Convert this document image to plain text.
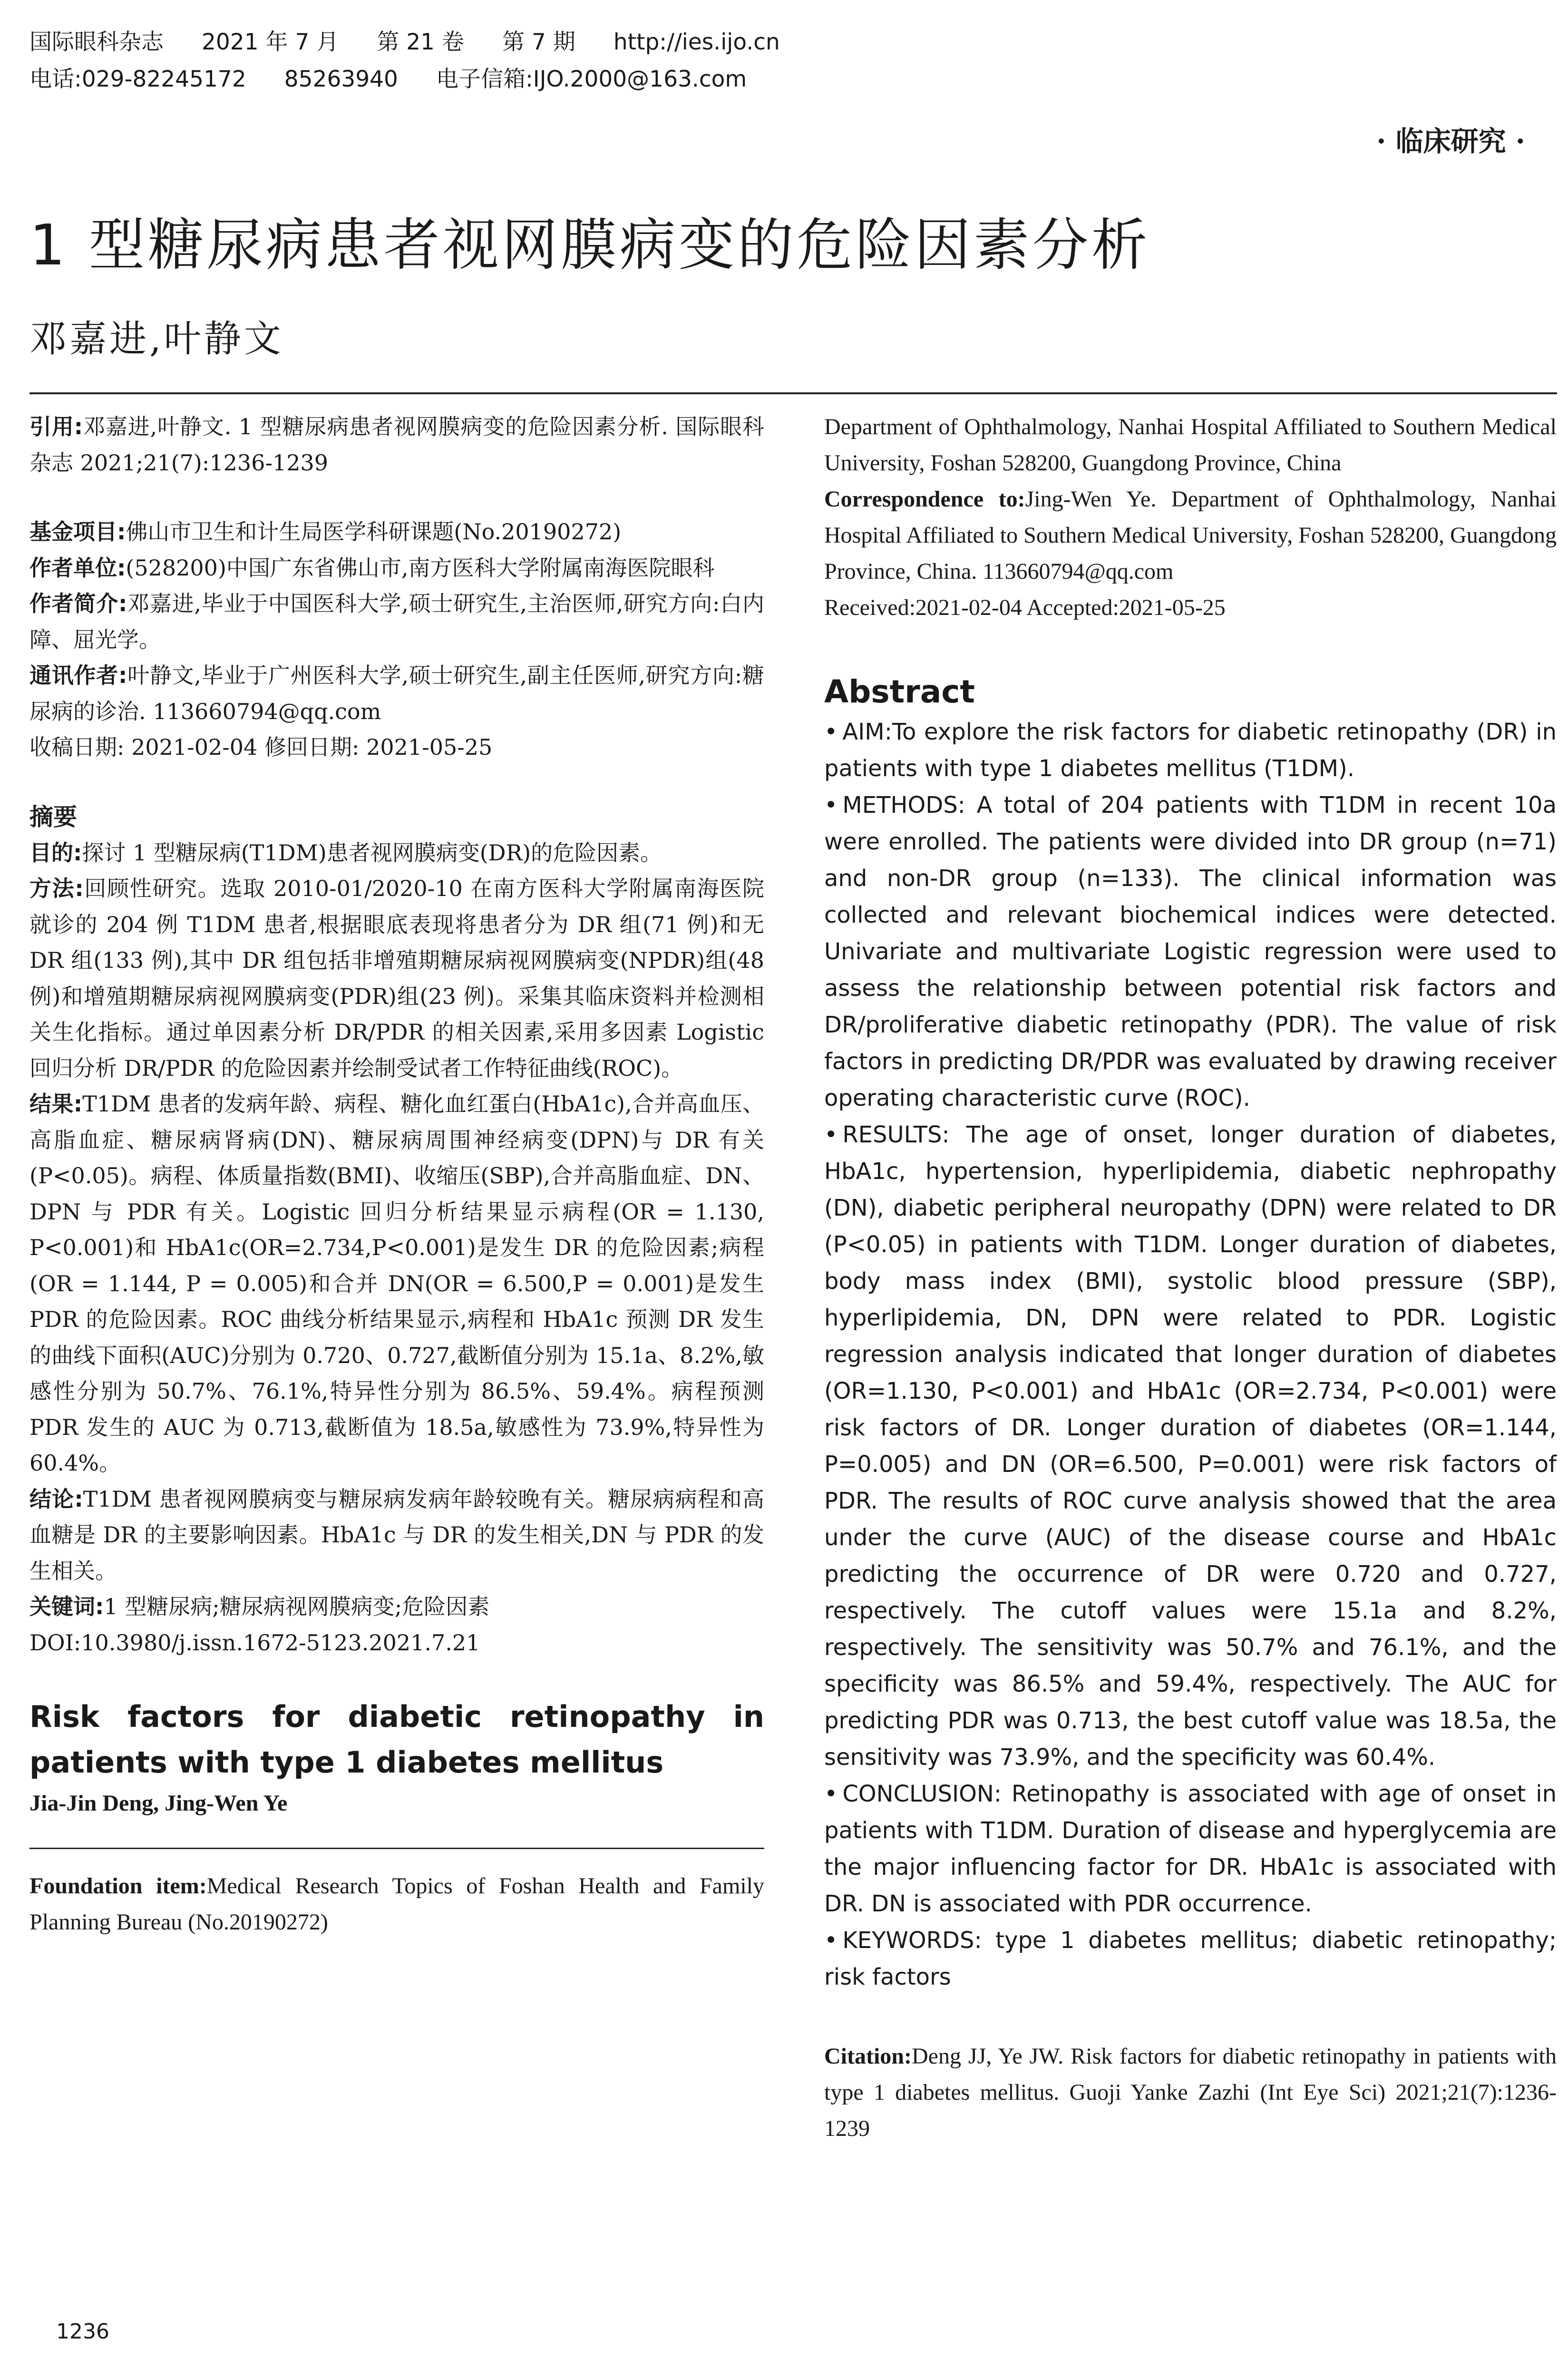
国际眼科杂志 2021 年 7 月 第 21 卷 第 7 期 http://ies.ijo.cn
电话:029-82245172 85263940 电子信箱:IJO.2000@163.com
· 临床研究 ·
1 型糖尿病患者视网膜病变的危险因素分析
邓嘉进,叶静文

引用:邓嘉进,叶静文. 1 型糖尿病患者视网膜病变的危险因素分析. 国际眼科杂志 2021;21(7):1236-1239

基金项目:佛山市卫生和计生局医学科研课题(No.20190272)

作者单位:(528200)中国广东省佛山市,南方医科大学附属南海医院眼科

作者简介:邓嘉进,毕业于中国医科大学,硕士研究生,主治医师,研究方向:白内障、屈光学。

通讯作者:叶静文,毕业于广州医科大学,硕士研究生,副主任医师,研究方向:糖尿病的诊治. 113660794@qq.com

收稿日期: 2021-02-04 修回日期: 2021-05-25

摘要

目的:探讨 1 型糖尿病(T1DM)患者视网膜病变(DR)的危险因素。

方法:回顾性研究。选取 2010-01/2020-10 在南方医科大学附属南海医院就诊的 204 例 T1DM 患者,根据眼底表现将患者分为 DR 组(71 例)和无 DR 组(133 例),其中 DR 组包括非增殖期糖尿病视网膜病变(NPDR)组(48 例)和增殖期糖尿病视网膜病变(PDR)组(23 例)。采集其临床资料并检测相关生化指标。通过单因素分析 DR/PDR 的相关因素,采用多因素 Logistic 回归分析 DR/PDR 的危险因素并绘制受试者工作特征曲线(ROC)。

结果:T1DM 患者的发病年龄、病程、糖化血红蛋白(HbA1c),合并高血压、高脂血症、糖尿病肾病(DN)、糖尿病周围神经病变(DPN)与 DR 有关(P<0.05)。病程、体质量指数(BMI)、收缩压(SBP),合并高脂血症、DN、DPN 与 PDR 有关。Logistic 回归分析结果显示病程(OR = 1.130, P<0.001)和 HbA1c(OR=2.734,P<0.001)是发生 DR 的危险因素;病程(OR = 1.144, P = 0.005)和合并 DN(OR = 6.500,P = 0.001)是发生 PDR 的危险因素。ROC 曲线分析结果显示,病程和 HbA1c 预测 DR 发生的曲线下面积(AUC)分别为 0.720、0.727,截断值分别为 15.1a、8.2%,敏感性分别为 50.7%、76.1%,特异性分别为 86.5%、59.4%。病程预测 PDR 发生的 AUC 为 0.713,截断值为 18.5a,敏感性为 73.9%,特异性为 60.4%。

结论:T1DM 患者视网膜病变与糖尿病发病年龄较晚有关。糖尿病病程和高血糖是 DR 的主要影响因素。HbA1c 与 DR 的发生相关,DN 与 PDR 的发生相关。

关键词:1 型糖尿病;糖尿病视网膜病变;危险因素

DOI:10.3980/j.issn.1672-5123.2021.7.21

Risk factors for diabetic retinopathy in patients with type 1 diabetes mellitus

Jia-Jin Deng, Jing-Wen Ye

Foundation item:Medical Research Topics of Foshan Health and Family Planning Bureau (No.20190272)

Department of Ophthalmology, Nanhai Hospital Affiliated to Southern Medical University, Foshan 528200, Guangdong Province, China

Correspondence to:Jing-Wen Ye. Department of Ophthalmology, Nanhai Hospital Affiliated to Southern Medical University, Foshan 528200, Guangdong Province, China. 113660794@qq.com

Received:2021-02-04 Accepted:2021-05-25

Abstract

• AIM:To explore the risk factors for diabetic retinopathy (DR) in patients with type 1 diabetes mellitus (T1DM).

• METHODS: A total of 204 patients with T1DM in recent 10a were enrolled. The patients were divided into DR group (n=71) and non-DR group (n=133). The clinical information was collected and relevant biochemical indices were detected. Univariate and multivariate Logistic regression were used to assess the relationship between potential risk factors and DR/proliferative diabetic retinopathy (PDR). The value of risk factors in predicting DR/PDR was evaluated by drawing receiver operating characteristic curve (ROC).

• RESULTS: The age of onset, longer duration of diabetes, HbA1c, hypertension, hyperlipidemia, diabetic nephropathy (DN), diabetic peripheral neuropathy (DPN) were related to DR (P<0.05) in patients with T1DM. Longer duration of diabetes, body mass index (BMI), systolic blood pressure (SBP), hyperlipidemia, DN, DPN were related to PDR. Logistic regression analysis indicated that longer duration of diabetes (OR=1.130, P<0.001) and HbA1c (OR=2.734, P<0.001) were risk factors of DR. Longer duration of diabetes (OR=1.144, P=0.005) and DN (OR=6.500, P=0.001) were risk factors of PDR. The results of ROC curve analysis showed that the area under the curve (AUC) of the disease course and HbA1c predicting the occurrence of DR were 0.720 and 0.727, respectively. The cutoff values were 15.1a and 8.2%, respectively. The sensitivity was 50.7% and 76.1%, and the specificity was 86.5% and 59.4%, respectively. The AUC for predicting PDR was 0.713, the best cutoff value was 18.5a, the sensitivity was 73.9%, and the specificity was 60.4%.

• CONCLUSION: Retinopathy is associated with age of onset in patients with T1DM. Duration of disease and hyperglycemia are the major influencing factor for DR. HbA1c is associated with DR. DN is associated with PDR occurrence.

• KEYWORDS: type 1 diabetes mellitus; diabetic retinopathy; risk factors

Citation:Deng JJ, Ye JW. Risk factors for diabetic retinopathy in patients with type 1 diabetes mellitus. Guoji Yanke Zazhi (Int Eye Sci) 2021;21(7):1236-1239

1236
